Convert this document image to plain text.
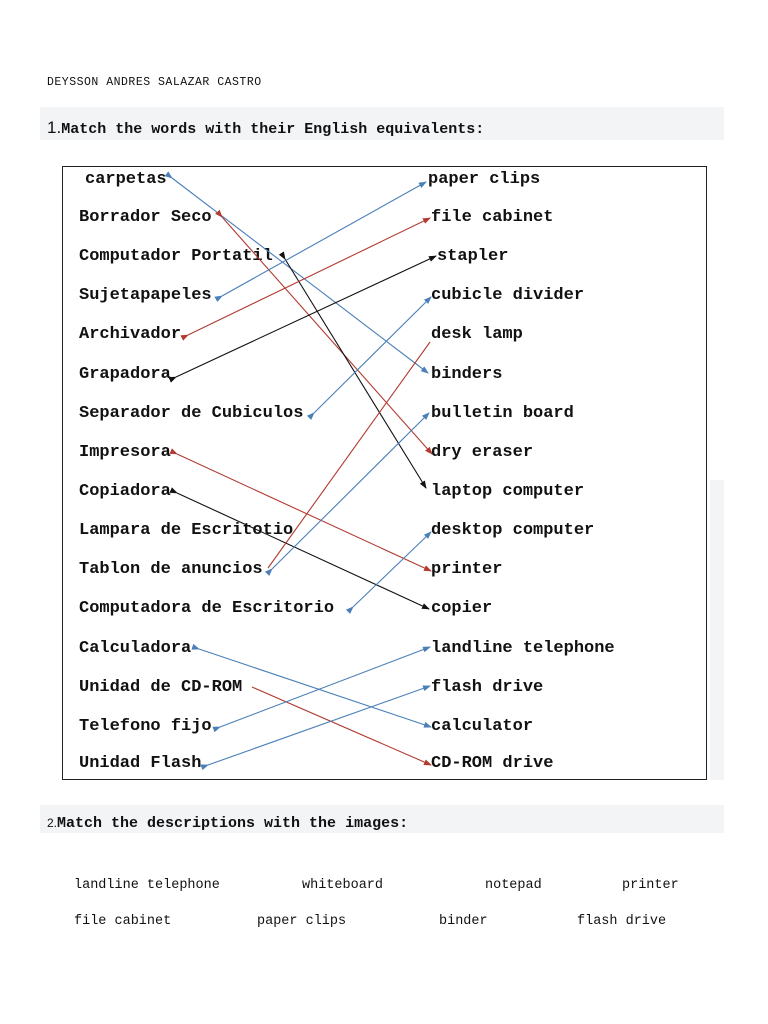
DEYSSON ANDRES SALAZAR CASTRO
1.Match the words with their English equivalents:
carpetas
Borrador Seco
Computador Portatil
Sujetapapeles
Archivador
Grapadora
Separador de Cubiculos
Impresora
Copiadora
Lampara de Escritotio
Tablon de anuncios
Computadora de Escritorio
Calculadora
Unidad de CD-ROM
Telefono fijo
Unidad Flash
paper clips
file cabinet
stapler
cubicle divider
desk lamp
binders
bulletin board
dry eraser
laptop computer
desktop computer
printer
copier
landline telephone
flash drive
calculator
CD-ROM drive
2.Match the descriptions with the images:
landline telephone	whiteboard	notepad	printer
file cabinet	paper clips	binder	flash drive
